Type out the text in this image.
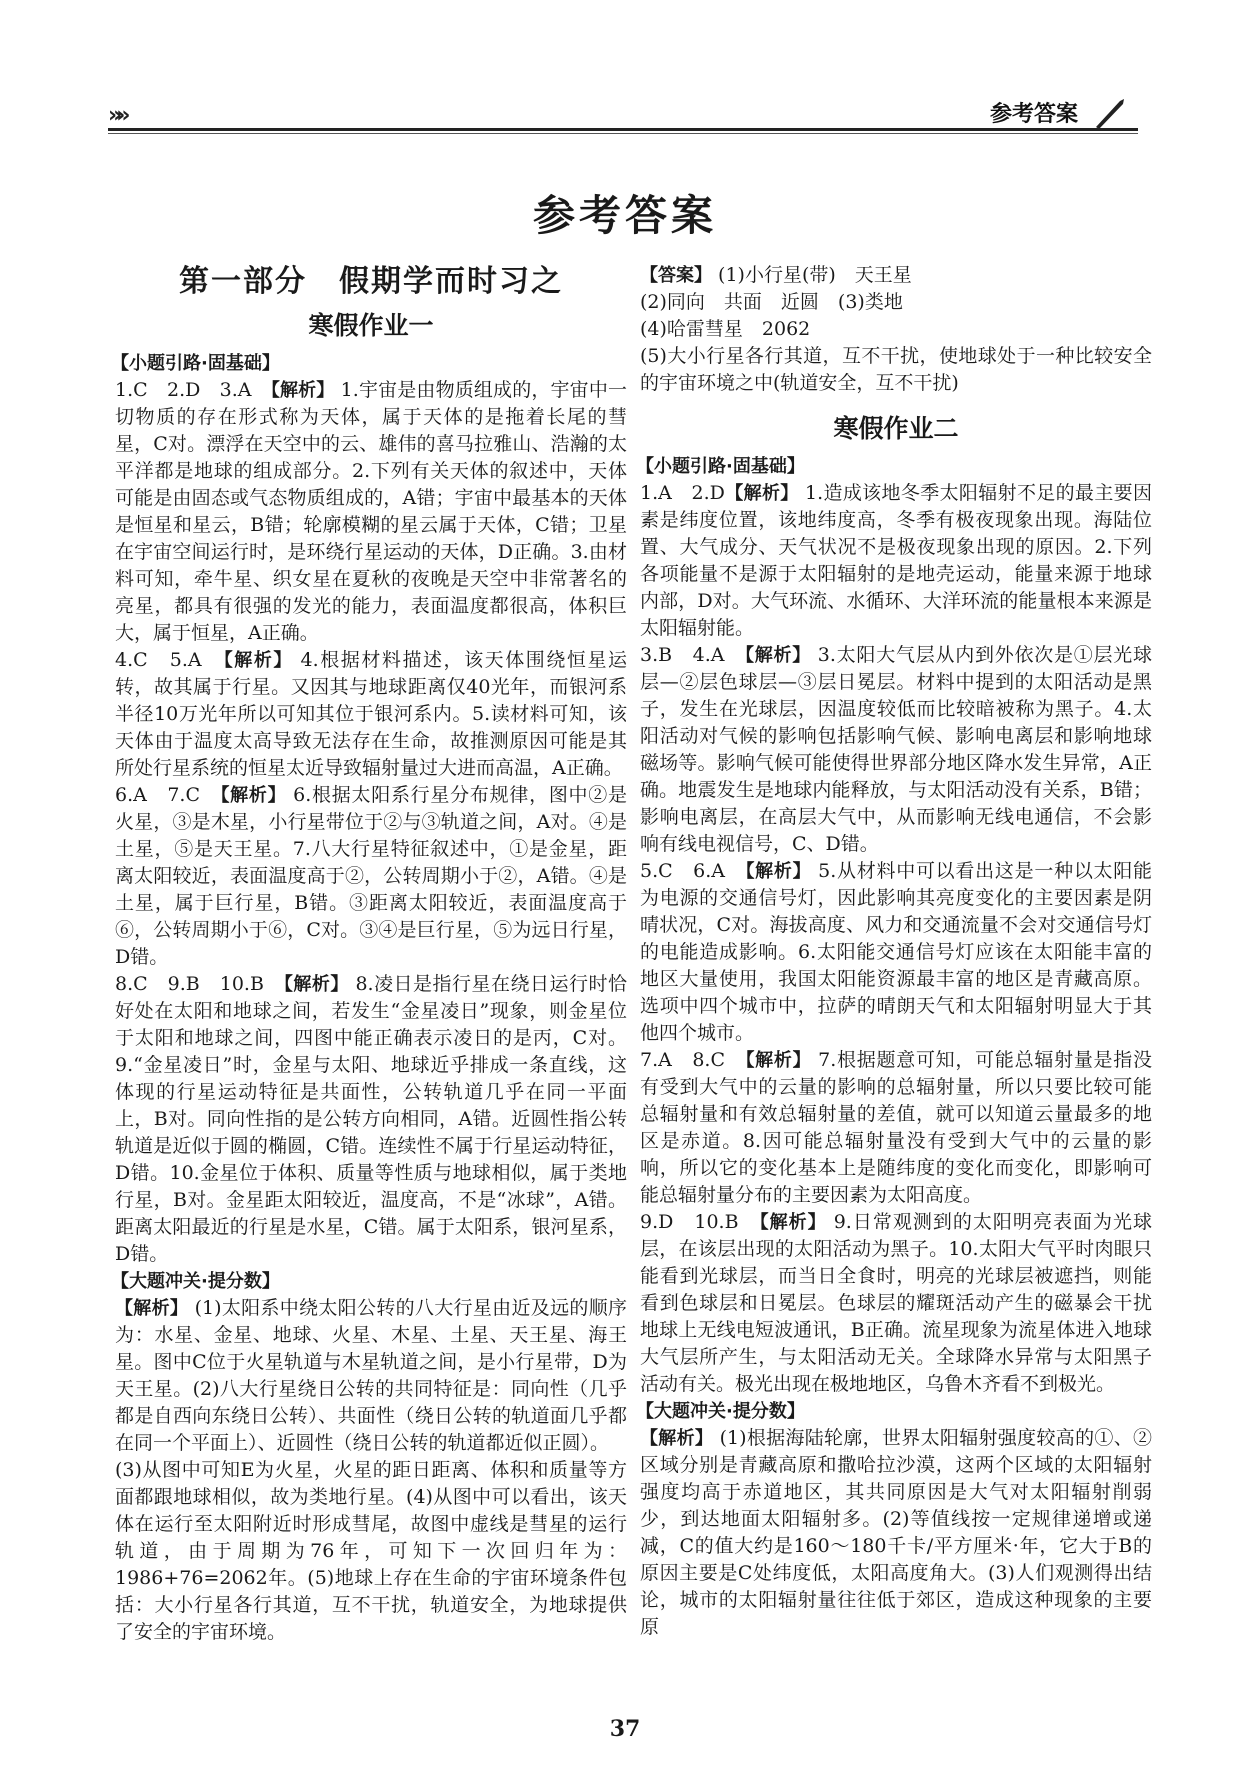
»»	参考答案
参考答案
第一部分　假期学而时习之
寒假作业一
【小题引路·固基础】

1.C　2.D　3.A　【解析】 1.宇宙是由物质组成的，宇宙中一切物质的存在形式称为天体，属于天体的是拖着长尾的彗星，C对。漂浮在天空中的云、雄伟的喜马拉雅山、浩瀚的太平洋都是地球的组成部分。2.下列有关天体的叙述中，天体可能是由固态或气态物质组成的，A错；宇宙中最基本的天体是恒星和星云，B错；轮廓模糊的星云属于天体，C错；卫星在宇宙空间运行时，是环绕行星运动的天体，D正确。3.由材料可知，牵牛星、织女星在夏秋的夜晚是天空中非常著名的亮星，都具有很强的发光的能力，表面温度都很高，体积巨大，属于恒星，A正确。

4.C　5.A　【解析】 4.根据材料描述，该天体围绕恒星运转，故其属于行星。又因其与地球距离仅40光年，而银河系半径10万光年所以可知其位于银河系内。5.读材料可知，该天体由于温度太高导致无法存在生命，故推测原因可能是其所处行星系统的恒星太近导致辐射量过大进而高温，A正确。

6.A　7.C　【解析】 6.根据太阳系行星分布规律，图中②是火星，③是木星，小行星带位于②与③轨道之间，A对。④是土星，⑤是天王星。7.八大行星特征叙述中，①是金星，距离太阳较近，表面温度高于②，公转周期小于②，A错。④是土星，属于巨行星，B错。③距离太阳较近，表面温度高于⑥，公转周期小于⑥，C对。③④是巨行星，⑤为远日行星，D错。

8.C　9.B　10.B　【解析】 8.凌日是指行星在绕日运行时恰好处在太阳和地球之间，若发生“金星凌日”现象，则金星位于太阳和地球之间，四图中能正确表示凌日的是丙，C对。9.“金星凌日”时，金星与太阳、地球近乎排成一条直线，这体现的行星运动特征是共面性，公转轨道几乎在同一平面上，B对。同向性指的是公转方向相同，A错。近圆性指公转轨道是近似于圆的椭圆，C错。连续性不属于行星运动特征，D错。10.金星位于体积、质量等性质与地球相似，属于类地行星，B对。金星距太阳较近，温度高，不是“冰球”，A错。距离太阳最近的行星是水星，C错。属于太阳系，银河星系，D错。

【大题冲关·提分数】

【解析】 (1)太阳系中绕太阳公转的八大行星由近及远的顺序为：水星、金星、地球、火星、木星、土星、天王星、海王星。图中C位于火星轨道与木星轨道之间，是小行星带，D为天王星。(2)八大行星绕日公转的共同特征是：同向性（几乎都是自西向东绕日公转）、共面性（绕日公转的轨道面几乎都在同一个平面上）、近圆性（绕日公转的轨道都近似正圆）。

(3)从图中可知E为火星，火星的距日距离、体积和质量等方面都跟地球相似，故为类地行星。(4)从图中可以看出，该天体在运行至太阳附近时形成彗尾，故图中虚线是彗星的运行轨道，由于周期为76年，可知下一次回归年为：1986+76=2062年。(5)地球上存在生命的宇宙环境条件包括：大小行星各行其道，互不干扰，轨道安全，为地球提供了安全的宇宙环境。

【答案】 (1)小行星(带)　天王星

(2)同向　共面　近圆　(3)类地

(4)哈雷彗星　2062

(5)大小行星各行其道，互不干扰，使地球处于一种比较安全的宇宙环境之中(轨道安全，互不干扰)

寒假作业二
【小题引路·固基础】

1.A　2.D【解析】 1.造成该地冬季太阳辐射不足的最主要因素是纬度位置，该地纬度高，冬季有极夜现象出现。海陆位置、大气成分、天气状况不是极夜现象出现的原因。2.下列各项能量不是源于太阳辐射的是地壳运动，能量来源于地球内部，D对。大气环流、水循环、大洋环流的能量根本来源是太阳辐射能。

3.B　4.A　【解析】 3.太阳大气层从内到外依次是①层光球层—②层色球层—③层日冕层。材料中提到的太阳活动是黑子，发生在光球层，因温度较低而比较暗被称为黑子。4.太阳活动对气候的影响包括影响气候、影响电离层和影响地球磁场等。影响气候可能使得世界部分地区降水发生异常，A正确。地震发生是地球内能释放，与太阳活动没有关系，B错；影响电离层，在高层大气中，从而影响无线电通信，不会影响有线电视信号，C、D错。

5.C　6.A　【解析】 5.从材料中可以看出这是一种以太阳能为电源的交通信号灯，因此影响其亮度变化的主要因素是阴晴状况，C对。海拔高度、风力和交通流量不会对交通信号灯的电能造成影响。6.太阳能交通信号灯应该在太阳能丰富的地区大量使用，我国太阳能资源最丰富的地区是青藏高原。选项中四个城市中，拉萨的晴朗天气和太阳辐射明显大于其他四个城市。

7.A　8.C　【解析】 7.根据题意可知，可能总辐射量是指没有受到大气中的云量的影响的总辐射量，所以只要比较可能总辐射量和有效总辐射量的差值，就可以知道云量最多的地区是赤道。8.因可能总辐射量没有受到大气中的云量的影响，所以它的变化基本上是随纬度的变化而变化，即影响可能总辐射量分布的主要因素为太阳高度。

9.D　10.B　【解析】 9.日常观测到的太阳明亮表面为光球层，在该层出现的太阳活动为黑子。10.太阳大气平时肉眼只能看到光球层，而当日全食时，明亮的光球层被遮挡，则能看到色球层和日冕层。色球层的耀斑活动产生的磁暴会干扰地球上无线电短波通讯，B正确。流星现象为流星体进入地球大气层所产生，与太阳活动无关。全球降水异常与太阳黑子活动有关。极光出现在极地地区，乌鲁木齐看不到极光。

【大题冲关·提分数】

【解析】 (1)根据海陆轮廓，世界太阳辐射强度较高的①、②区域分别是青藏高原和撒哈拉沙漠，这两个区域的太阳辐射强度均高于赤道地区，其共同原因是大气对太阳辐射削弱少，到达地面太阳辐射多。(2)等值线按一定规律递增或递减，C的值大约是160～180千卡/平方厘米·年，它大于B的原因主要是C处纬度低，太阳高度角大。(3)人们观测得出结论，城市的太阳辐射量往往低于郊区，造成这种现象的主要原

37
